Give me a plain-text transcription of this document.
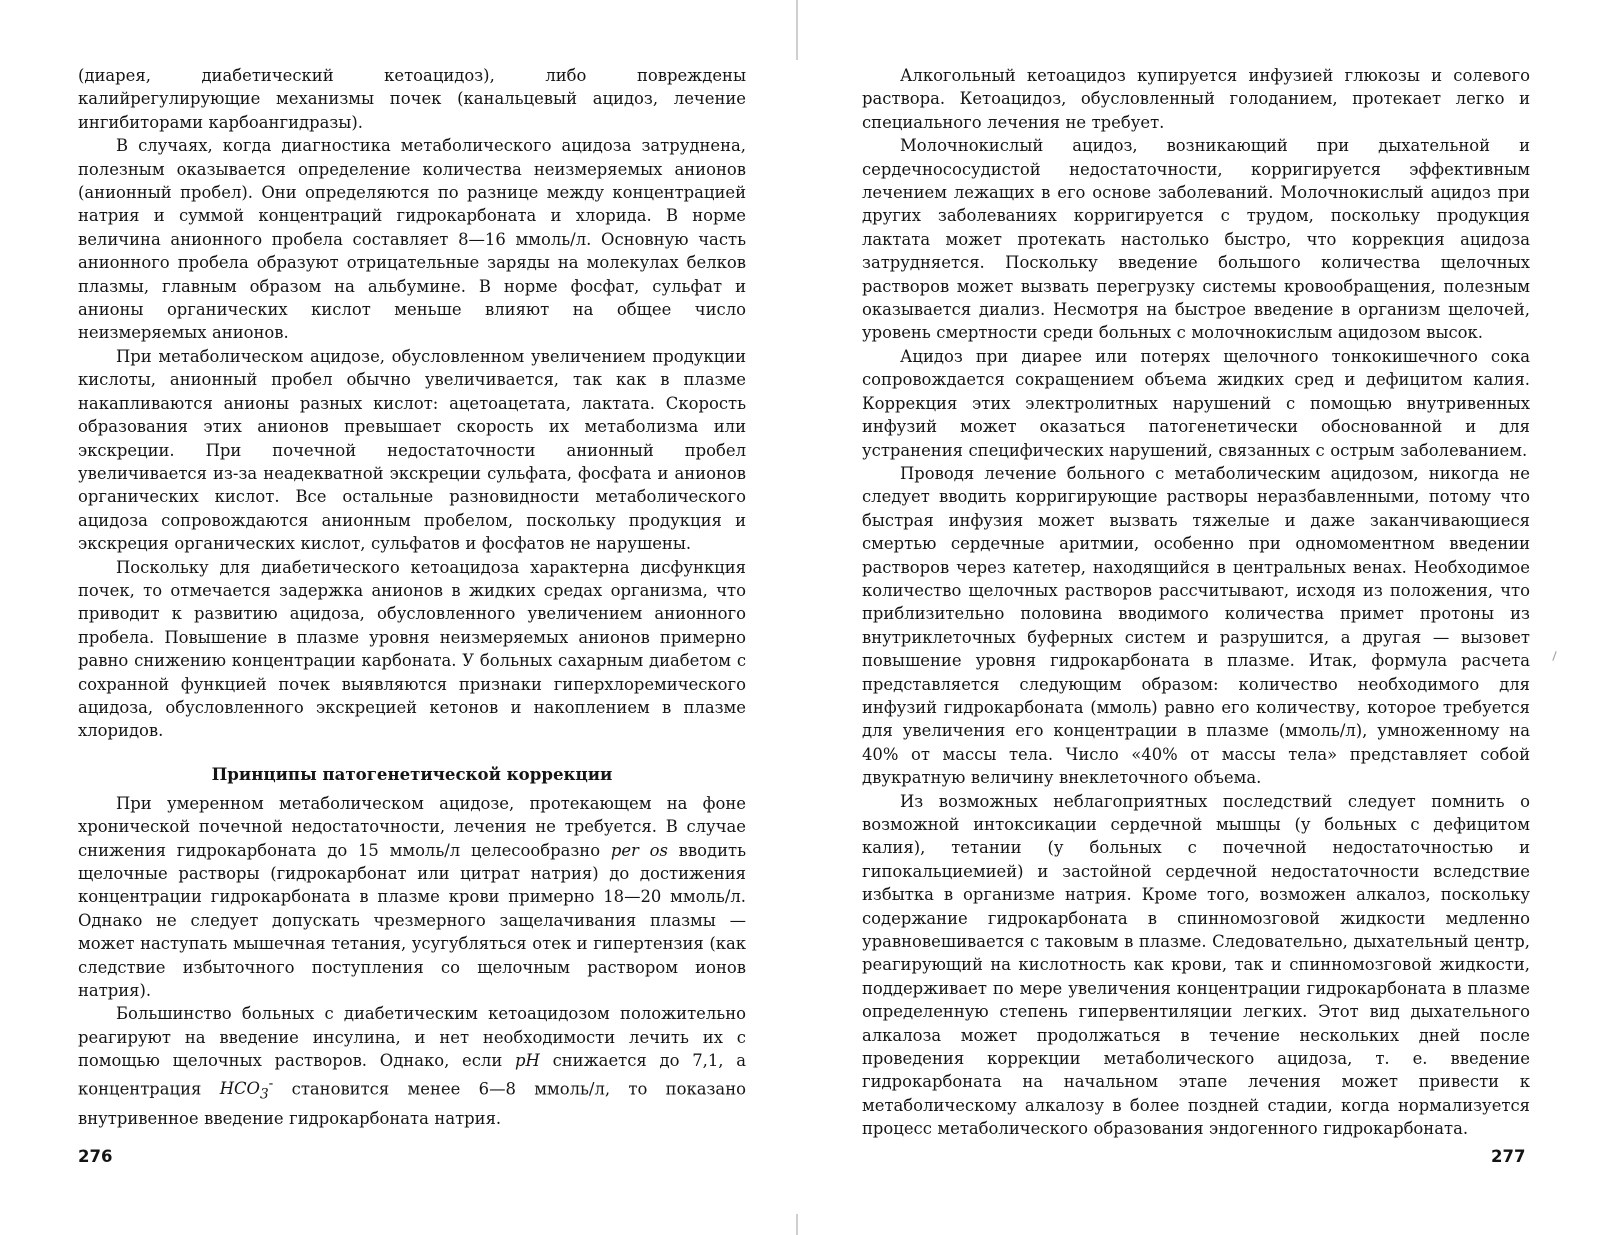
(диарея, диабетический кетоацидоз), либо повреждены калийрегулирующие механизмы почек (канальцевый ацидоз, лечение ингибиторами карбоангидразы).

В случаях, когда диагностика метаболического ацидоза затруднена, полезным оказывается определение количества неизмеряемых анионов (анионный пробел). Они определяются по разнице между концентрацией натрия и суммой концентраций гидрокарбоната и хлорида. В норме величина анионного пробела составляет 8—16 ммоль/л. Основную часть анионного пробела образуют отрицательные заряды на молекулах белков плазмы, главным образом на альбумине. В норме фосфат, сульфат и анионы органических кислот меньше влияют на общее число неизмеряемых анионов.

При метаболическом ацидозе, обусловленном увеличением продукции кислоты, анионный пробел обычно увеличивается, так как в плазме накапливаются анионы разных кислот: ацетоацетата, лактата. Скорость образования этих анионов превышает скорость их метаболизма или экскреции. При почечной недостаточности анионный пробел увеличивается из-за неадекватной экскреции сульфата, фосфата и анионов органических кислот. Все остальные разновидности метаболического ацидоза сопровождаются анионным пробелом, поскольку продукция и экскреция органических кислот, сульфатов и фосфатов не нарушены.

Поскольку для диабетического кетоацидоза характерна дисфункция почек, то отмечается задержка анионов в жидких средах организма, что приводит к развитию ацидоза, обусловленного увеличением анионного пробела. Повышение в плазме уровня неизмеряемых анионов примерно равно снижению концентрации карбоната. У больных сахарным диабетом с сохранной функцией почек выявляются признаки гиперхлоремического ацидоза, обусловленного экскрецией кетонов и накоплением в плазме хлоридов.

Принципы патогенетической коррекции

При умеренном метаболическом ацидозе, протекающем на фоне хронической почечной недостаточности, лечения не требуется. В случае снижения гидрокарбоната до 15 ммоль/л целесообразно per os вводить щелочные растворы (гидрокарбонат или цитрат натрия) до достижения концентрации гидрокарбоната в плазме крови примерно 18—20 ммоль/л. Однако не следует допускать чрезмерного защелачивания плазмы — может наступать мышечная тетания, усугубляться отек и гипертензия (как следствие избыточного поступления со щелочным раствором ионов натрия).

Большинство больных с диабетическим кетоацидозом положительно реагируют на введение инсулина, и нет необходимости лечить их с помощью щелочных растворов. Однако, если pH снижается до 7,1, а концентрация $HCO_3^-$ становится менее 6—8 ммоль/л, то показано внутривенное введение гидрокарбоната натрия.

276

Алкогольный кетоацидоз купируется инфузией глюкозы и солевого раствора. Кетоацидоз, обусловленный голоданием, протекает легко и специального лечения не требует.

Молочнокислый ацидоз, возникающий при дыхательной и сердечнососудистой недостаточности, корригируется эффективным лечением лежащих в его основе заболеваний. Молочнокислый ацидоз при других заболеваниях корригируется с трудом, поскольку продукция лактата может протекать настолько быстро, что коррекция ацидоза затрудняется. Поскольку введение большого количества щелочных растворов может вызвать перегрузку системы кровообращения, полезным оказывается диализ. Несмотря на быстрое введение в организм щелочей, уровень смертности среди больных с молочнокислым ацидозом высок.

Ацидоз при диарее или потерях щелочного тонкокишечного сока сопровождается сокращением объема жидких сред и дефицитом калия. Коррекция этих электролитных нарушений с помощью внутривенных инфузий может оказаться патогенетически обоснованной и для устранения специфических нарушений, связанных с острым заболеванием.

Проводя лечение больного с метаболическим ацидозом, никогда не следует вводить корригирующие растворы неразбавленными, потому что быстрая инфузия может вызвать тяжелые и даже заканчивающиеся смертью сердечные аритмии, особенно при одномоментном введении растворов через катетер, находящийся в центральных венах. Необходимое количество щелочных растворов рассчитывают, исходя из положения, что приблизительно половина вводимого количества примет протоны из внутриклеточных буферных систем и разрушится, а другая — вызовет повышение уровня гидрокарбоната в плазме. Итак, формула расчета представляется следующим образом: количество необходимого для инфузий гидрокарбоната (ммоль) равно его количеству, которое требуется для увеличения его концентрации в плазме (ммоль/л), умноженному на 40% от массы тела. Число «40% от массы тела» представляет собой двукратную величину внеклеточного объема.

Из возможных неблагоприятных последствий следует помнить о возможной интоксикации сердечной мышцы (у больных с дефицитом калия), тетании (у больных с почечной недостаточностью и гипокальциемией) и застойной сердечной недостаточности вследствие избытка в организме натрия. Кроме того, возможен алкалоз, поскольку содержание гидрокарбоната в спинномозговой жидкости медленно уравновешивается с таковым в плазме. Следовательно, дыхательный центр, реагирующий на кислотность как крови, так и спинномозговой жидкости, поддерживает по мере увеличения концентрации гидрокарбоната в плазме определенную степень гипервентиляции легких. Этот вид дыхательного алкалоза может продолжаться в течение нескольких дней после проведения коррекции метаболического ацидоза, т. е. введение гидрокарбоната на начальном этапе лечения может привести к метаболическому алкалозу в более поздней стадии, когда нормализуется процесс метаболического образования эндогенного гидрокарбоната.

277
